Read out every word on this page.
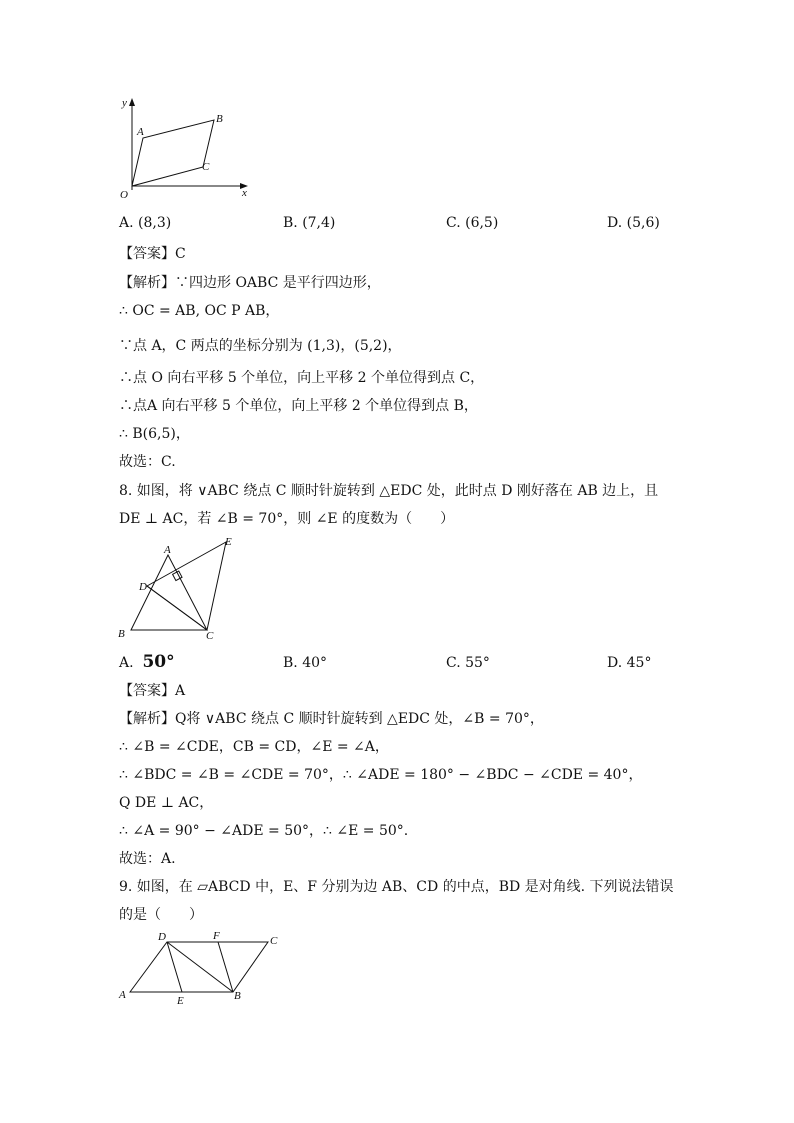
y
x
O
A
B
C
A. (8,3)	B. (7,4)	C. (6,5)	D. (5,6)
【答案】C
【解析】∵四边形 OABC 是平行四边形，
∴ OC = AB, OC P AB，
∵点 A，C 两点的坐标分别为 (1,3)，(5,2)，
∴点 O 向右平移 5 个单位，向上平移 2 个单位得到点 C，
∴点A 向右平移 5 个单位，向上平移 2 个单位得到点 B，
∴ B(6,5)，
故选：C.
8. 如图，将 ∨ABC 绕点 C 顺时针旋转到 △EDC 处，此时点 D 刚好落在 AB 边上，且
DE ⊥ AC，若 ∠B = 70°，则 ∠E 的度数为（　　）
A
E
D
B	C
A. 50°	B. 40°	C. 55°	D. 45°
【答案】A
【解析】Q将 ∨ABC 绕点 C 顺时针旋转到 △EDC 处，∠B = 70°，
∴ ∠B = ∠CDE，CB = CD，∠E = ∠A，
∴ ∠BDC = ∠B = ∠CDE = 70°，∴ ∠ADE = 180° − ∠BDC − ∠CDE = 40°，
Q DE ⊥ AC，
∴ ∠A = 90° − ∠ADE = 50°，∴ ∠E = 50°.
故选：A.
9. 如图，在 ▱ABCD 中，E、F 分别为边 AB、CD 的中点，BD 是对角线. 下列说法错误
的是（　　）
D	F	C
A	E	B
